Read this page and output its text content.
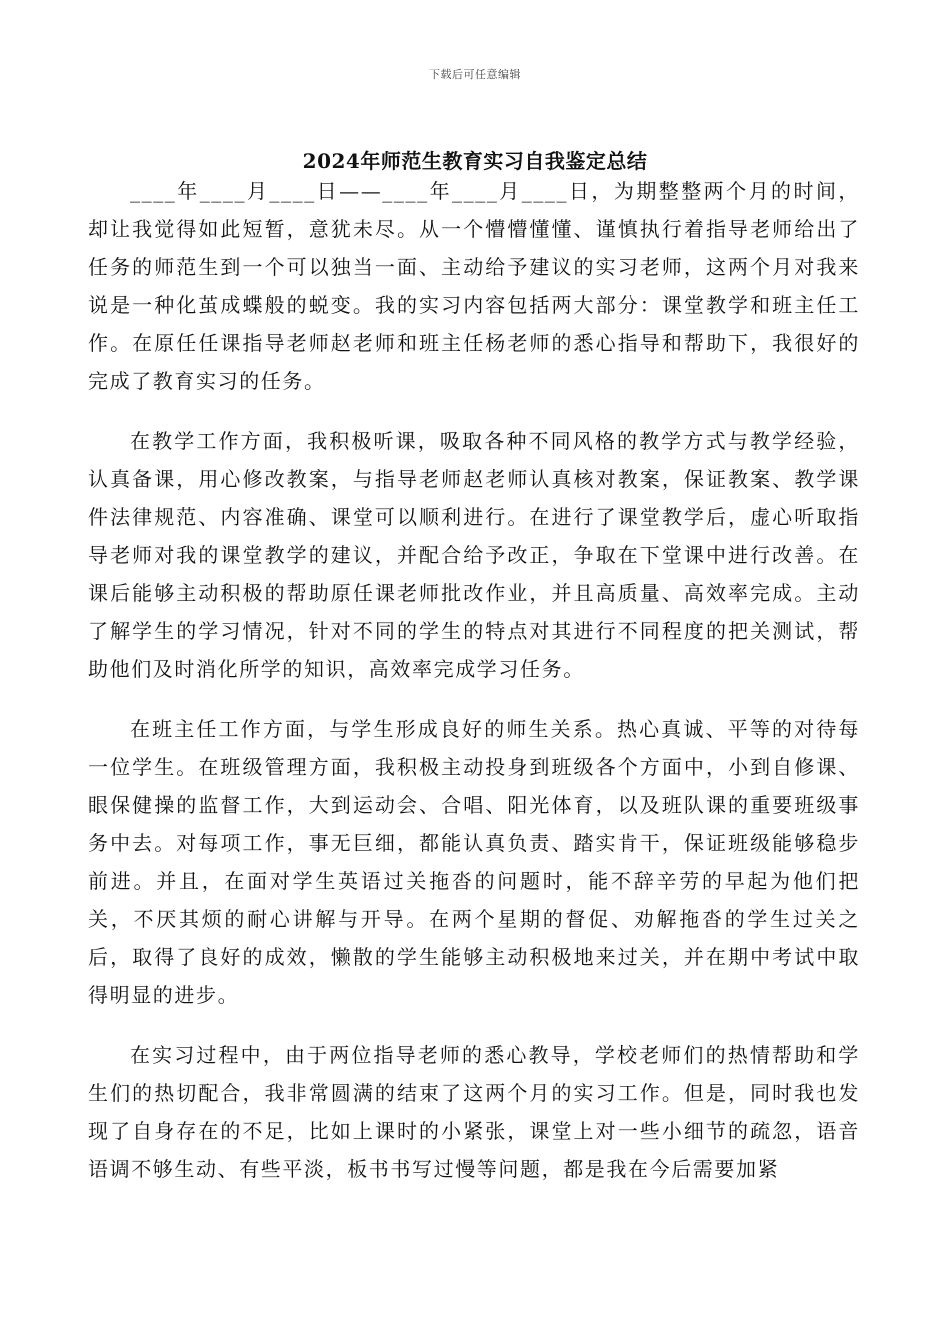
下载后可任意编辑
2024年师范生教育实习自我鉴定总结

____年____月____日——____年____月____日，为期整整两个月的时间，却让我觉得如此短暂，意犹未尽。从一个懵懵懂懂、谨慎执行着指导老师给出了任务的师范生到一个可以独当一面、主动给予建议的实习老师，这两个月对我来说是一种化茧成蝶般的蜕变。我的实习内容包括两大部分：课堂教学和班主任工作。在原任任课指导老师赵老师和班主任杨老师的悉心指导和帮助下，我很好的完成了教育实习的任务。

在教学工作方面，我积极听课，吸取各种不同风格的教学方式与教学经验，认真备课，用心修改教案，与指导老师赵老师认真核对教案，保证教案、教学课件法律规范、内容准确、课堂可以顺利进行。在进行了课堂教学后，虚心听取指导老师对我的课堂教学的建议，并配合给予改正，争取在下堂课中进行改善。在课后能够主动积极的帮助原任课老师批改作业，并且高质量、高效率完成。主动了解学生的学习情况，针对不同的学生的特点对其进行不同程度的把关测试，帮助他们及时消化所学的知识，高效率完成学习任务。

在班主任工作方面，与学生形成良好的师生关系。热心真诚、平等的对待每一位学生。在班级管理方面，我积极主动投身到班级各个方面中，小到自修课、眼保健操的监督工作，大到运动会、合唱、阳光体育，以及班队课的重要班级事务中去。对每项工作，事无巨细，都能认真负责、踏实肯干，保证班级能够稳步前进。并且，在面对学生英语过关拖沓的问题时，能不辞辛劳的早起为他们把关，不厌其烦的耐心讲解与开导。在两个星期的督促、劝解拖沓的学生过关之后，取得了良好的成效，懒散的学生能够主动积极地来过关，并在期中考试中取得明显的进步。

在实习过程中，由于两位指导老师的悉心教导，学校老师们的热情帮助和学生们的热切配合，我非常圆满的结束了这两个月的实习工作。但是，同时我也发现了自身存在的不足，比如上课时的小紧张，课堂上对一些小细节的疏忽，语音语调不够生动、有些平淡，板书书写过慢等问题，都是我在今后需要加紧
